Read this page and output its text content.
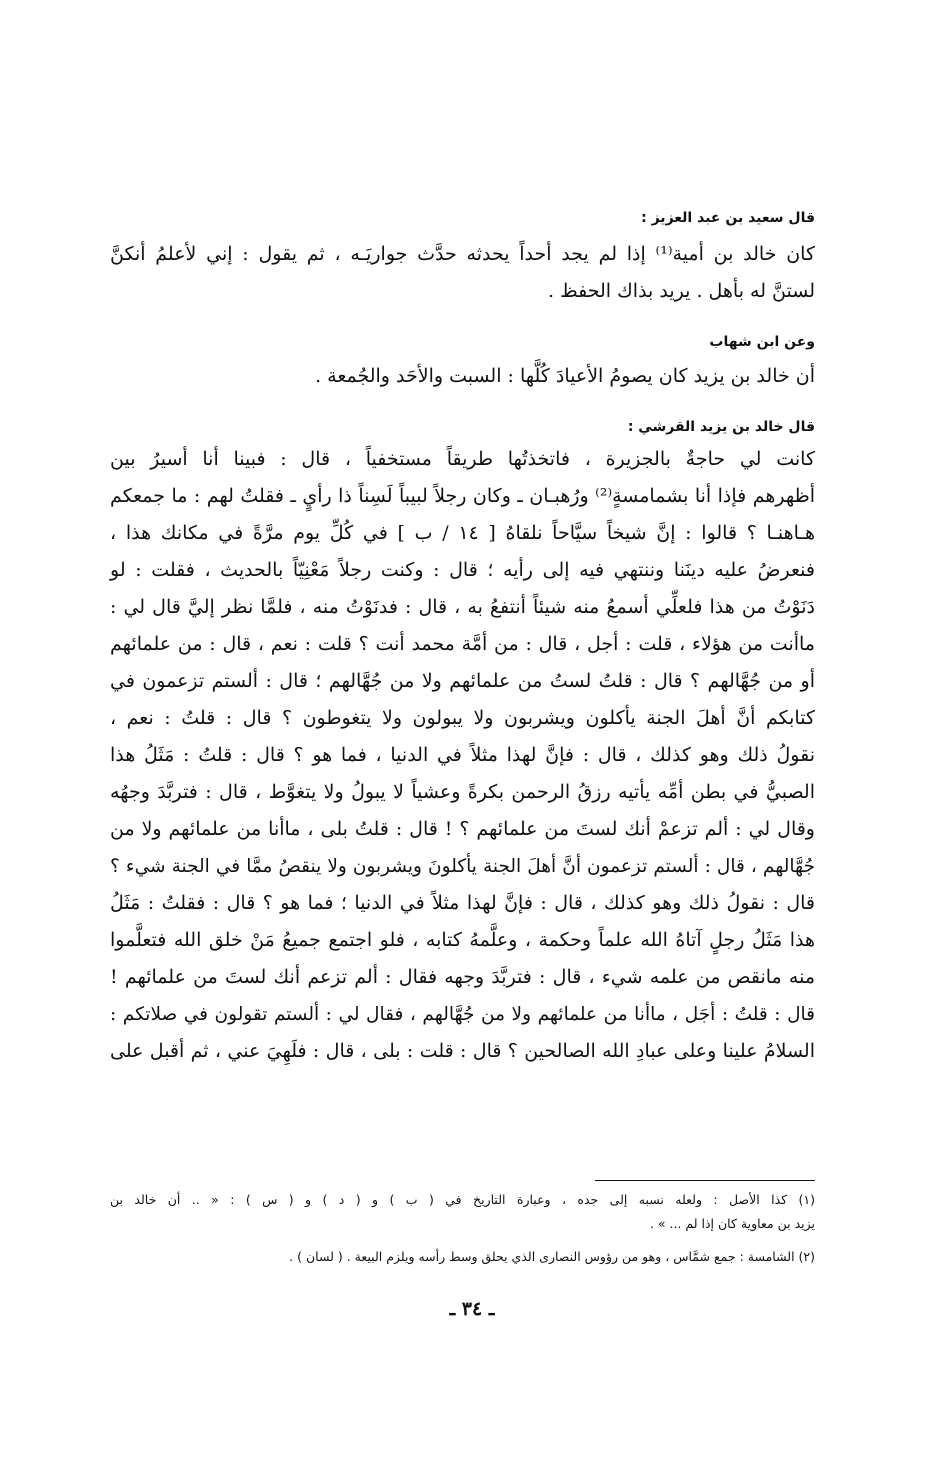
قال سعيد بن عبد العزيز :

كان خالد بن أمية⁽¹⁾ إذا لم يجد أحداً يحدثه حدَّث جواريَـه ، ثم يقول : إني لأعلمُ أنكنَّ

لستنَّ له بأهل . يريد بذاك الحفظ .

وعن ابن شهاب

أن خالد بن يزيد كان يصومُ الأعيادَ كُلَّها : السبت والأحَد والجُمعة .

قال خالد بن يزيد القرشي :

كانت لي حاجةٌ بالجزيرة ، فاتخذتُها طريقاً مستخفياً ، قال : فبينا أنا أسيرُ بين

أظهرهم فإذا أنا بشمامسةٍ⁽²⁾ ورُهبـان ـ وكان رجلاً لبيباً لَسِناً ذا رأيٍ ـ فقلتُ لهم : ما جمعكم

هـاهنـا ؟ قالوا : إنَّ شيخاً سيَّاحاً نلقاهُ [ ١٤ / ب ] في كُلِّ يوم مرَّةً في مكانك هذا ،

فنعرضُ عليه دينَنا وننتهي فيه إلى رأيه ؛ قال : وكنت رجلاً مَعْنِيّاً بالحديث ، فقلت : لو

دَنَوْتُ من هذا فلعلِّي أسمعُ منه شيئاً أنتفعُ به ، قال : فدنَوْتُ منه ، فلمَّا نظر إليَّ قال لي :

ماأنت من هؤلاء ، قلت : أجل ، قال : من أمَّة محمد أنت ؟ قلت : نعم ، قال : من علمائهم

أو من جُهَّالهم ؟ قال : قلتُ لستُ من علمائهم ولا من جُهَّالهم ؛ قال : ألستم تزعمون في

كتابكم أنَّ أهلَ الجنة يأكلون ويشربون ولا يبولون ولا يتغوطون ؟ قال : قلتُ : نعم ،

نقولُ ذلك وهو كذلك ، قال : فإنَّ لهذا مثلاً في الدنيا ، فما هو ؟ قال : قلتُ : مَثَلُ هذا

الصبيُّ في بطن أمِّه يأتيه رزقُ الرحمن بكرةً وعشياً لا يبولُ ولا يتغوَّط ، قال : فتربَّدَ وجهُه

وقال لي : ألم تزعمْ أنك لستَ من علمائهم ؟ ! قال : قلتُ بلى ، ماأنا من علمائهم ولا من

جُهَّالهم ، قال : ألستم تزعمون أنَّ أهلَ الجنة يأكلونَ ويشربون ولا ينقصُ ممَّا في الجنة شيء ؟

قال : نقولُ ذلك وهو كذلك ، قال : فإنَّ لهذا مثلاً في الدنيا ؛ فما هو ؟ قال : فقلتُ : مَثَلُ

هذا مَثَلُ رجلٍ آتاهُ الله علماً وحكمة ، وعلَّمهُ كتابه ، فلو اجتمع جميعُ مَنْ خلق الله فتعلَّموا

منه مانقص من علمه شيء ، قال : فتربَّدَ وجهه فقال : ألم تزعم أنك لستَ من علمائهم !

قال : قلتُ : أجَل ، ماأنا من علمائهم ولا من جُهَّالهم ، فقال لي : ألستم تقولون في صلاتكم :

السلامُ علينا وعلى عبادِ الله الصالحين ؟ قال : قلت : بلى ، قال : فلَهِيَ عني ، ثم أقبل على

(١) كذا الأصل : ولعله نسبه إلى جده ، وعبارة التاريخ في ( ب ) و ( د ) و ( س ) : « .. أن خالد بن

يزيد بن معاوية كان إذا لم ... » .

(٢) الشامسة : جمع شمَّاس ، وهو من رؤوس النصارى الذي يحلق وسط رأسه ويلزم البيعة . ( لسان ) .

ـ ٣٤ ـ
